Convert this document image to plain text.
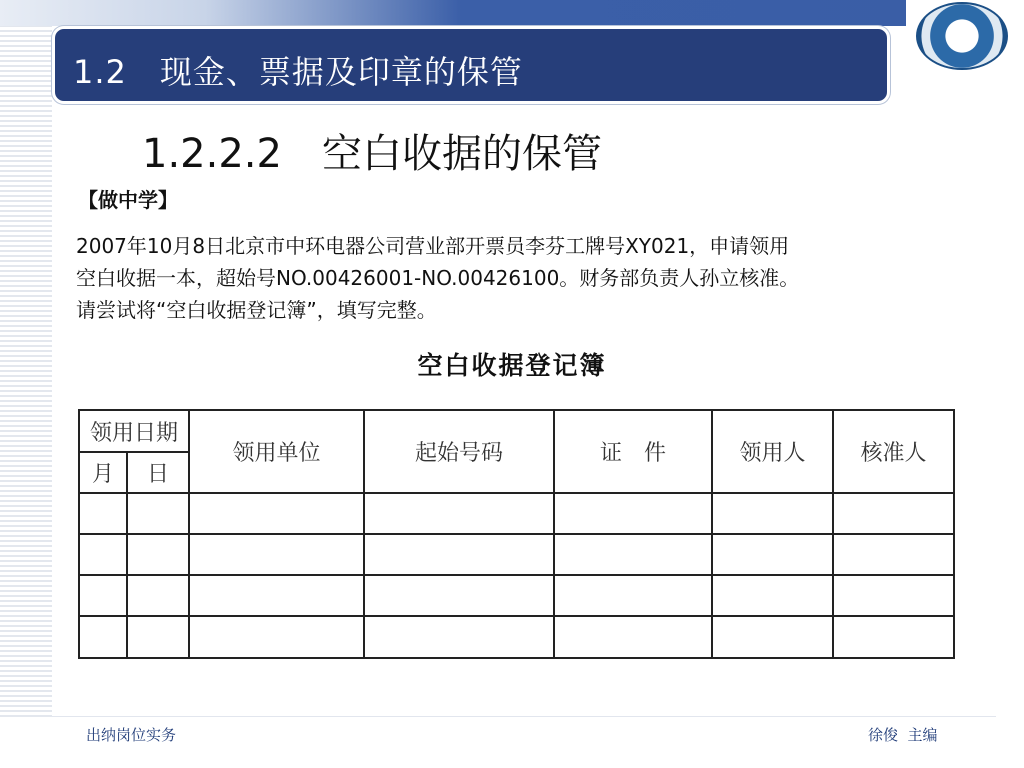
1.2　现金、票据及印章的保管
1.2.2.2　空白收据的保管
【做中学】
2007年10月8日北京市中环电器公司营业部开票员李芬工牌号XY021，申请领用
空白收据一本，超始号NO.00426001-NO.00426100。财务部负责人孙立核准。
请尝试将“空白收据登记簿”，填写完整。
空白收据登记簿
领用日期		领用单位	起始号码	证　件	领用人	核准人
月	日					

出纳岗位实务	徐俊  主编
